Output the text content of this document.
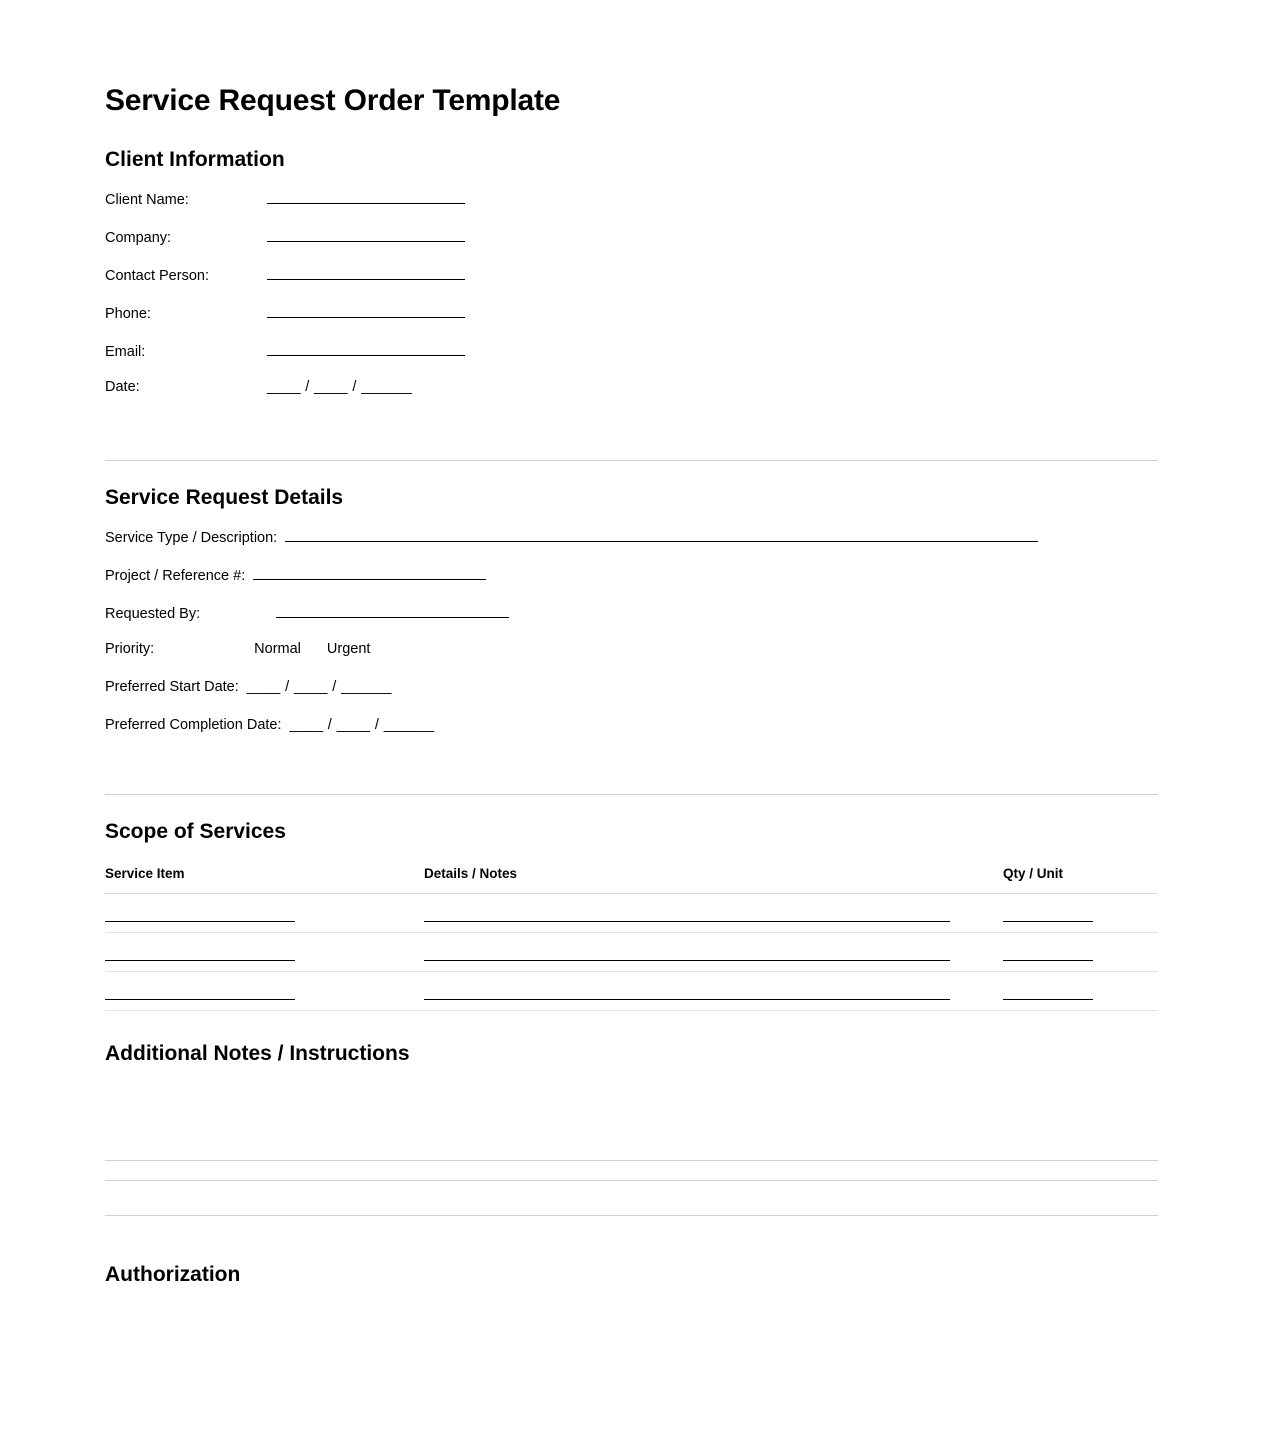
Service Request Order Template
Client Information
Client Name:
Company:
Contact Person:
Phone:
Email:
Date:	____ / ____ / ______
Service Request Details
Service Type / Description:
Project / Reference #:
Requested By:
Priority:	Normal Urgent
Preferred Start Date: ____ / ____ / ______
Preferred Completion Date: ____ / ____ / ______
Scope of Services
Service Item	Details / Notes	Qty / Unit

Additional Notes / Instructions
Authorization
